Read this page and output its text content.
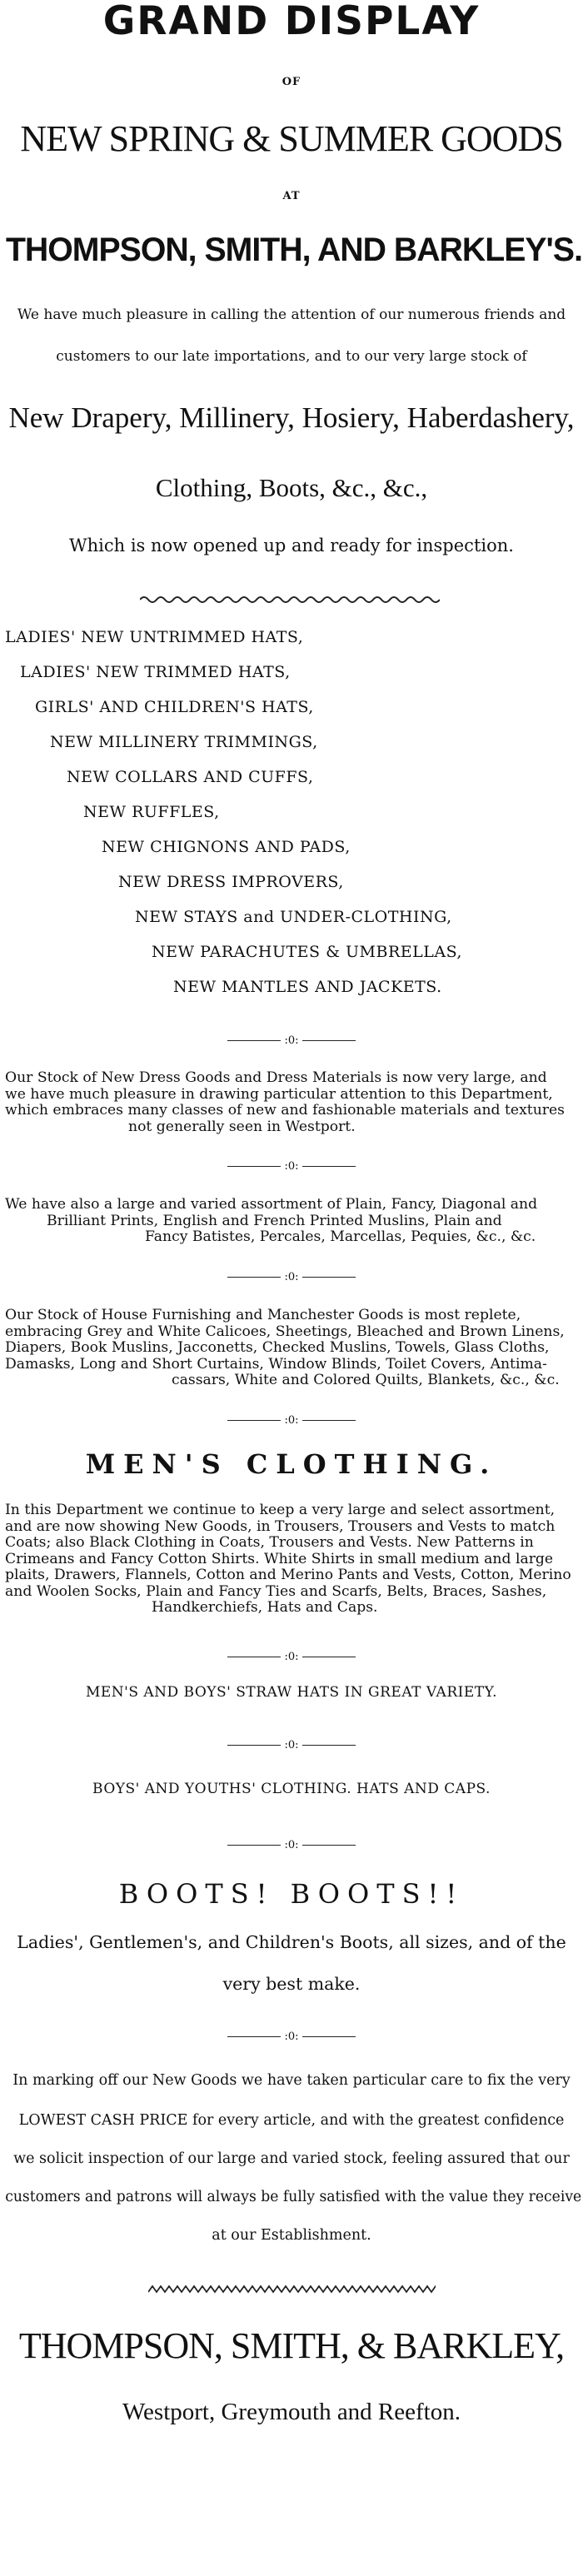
GRAND DISPLAY
OF
NEW SPRING & SUMMER GOODS
AT
THOMPSON, SMITH, AND BARKLEY'S.
We have much pleasure in calling the attention of our numerous friends and
customers to our late importations, and to our very large stock of
New Drapery, Millinery, Hosiery, Haberdashery,
Clothing, Boots, &c., &c.,
Which is now opened up and ready for inspection.
LADIES' NEW UNTRIMMED HATS,
LADIES' NEW TRIMMED HATS,
GIRLS' AND CHILDREN'S HATS,
NEW MILLINERY TRIMMINGS,
NEW COLLARS AND CUFFS,
NEW RUFFLES,
NEW CHIGNONS AND PADS,
NEW DRESS IMPROVERS,
NEW STAYS and UNDER-CLOTHING,
NEW PARACHUTES & UMBRELLAS,
NEW MANTLES AND JACKETS.
:0:
Our Stock of New Dress Goods and Dress Materials is now very large, and
we have much pleasure in drawing particular attention to this Department,
which embraces many classes of new and fashionable materials and textures
not generally seen in Westport.
:0:
We have also a large and varied assortment of Plain, Fancy, Diagonal and
Brilliant Prints, English and French Printed Muslins, Plain and
Fancy Batistes, Percales, Marcellas, Pequies, &c., &c.
:0:
Our Stock of House Furnishing and Manchester Goods is most replete,
embracing Grey and White Calicoes, Sheetings, Bleached and Brown Linens,
Diapers, Book Muslins, Jacconetts, Checked Muslins, Towels, Glass Cloths,
Damasks, Long and Short Curtains, Window Blinds, Toilet Covers, Antima-
cassars, White and Colored Quilts, Blankets, &c., &c.
:0:
MEN'S CLOTHING.
In this Department we continue to keep a very large and select assortment,
and are now showing New Goods, in Trousers, Trousers and Vests to match
Coats; also Black Clothing in Coats, Trousers and Vests. New Patterns in
Crimeans and Fancy Cotton Shirts. White Shirts in small medium and large
plaits, Drawers, Flannels, Cotton and Merino Pants and Vests, Cotton, Merino
and Woolen Socks, Plain and Fancy Ties and Scarfs, Belts, Braces, Sashes,
Handkerchiefs, Hats and Caps.
:0:
MEN'S AND BOYS' STRAW HATS IN GREAT VARIETY.
:0:
BOYS' AND YOUTHS' CLOTHING. HATS AND CAPS.
:0:
BOOTS! BOOTS!!
Ladies', Gentlemen's, and Children's Boots, all sizes, and of the
very best make.
:0:
In marking off our New Goods we have taken particular care to fix the very
LOWEST CASH PRICE for every article, and with the greatest confidence
we solicit inspection of our large and varied stock, feeling assured that our
customers and patrons will always be fully satisfied with the value they receive
at our Establishment.
THOMPSON, SMITH, & BARKLEY,
Westport, Greymouth and Reefton.
